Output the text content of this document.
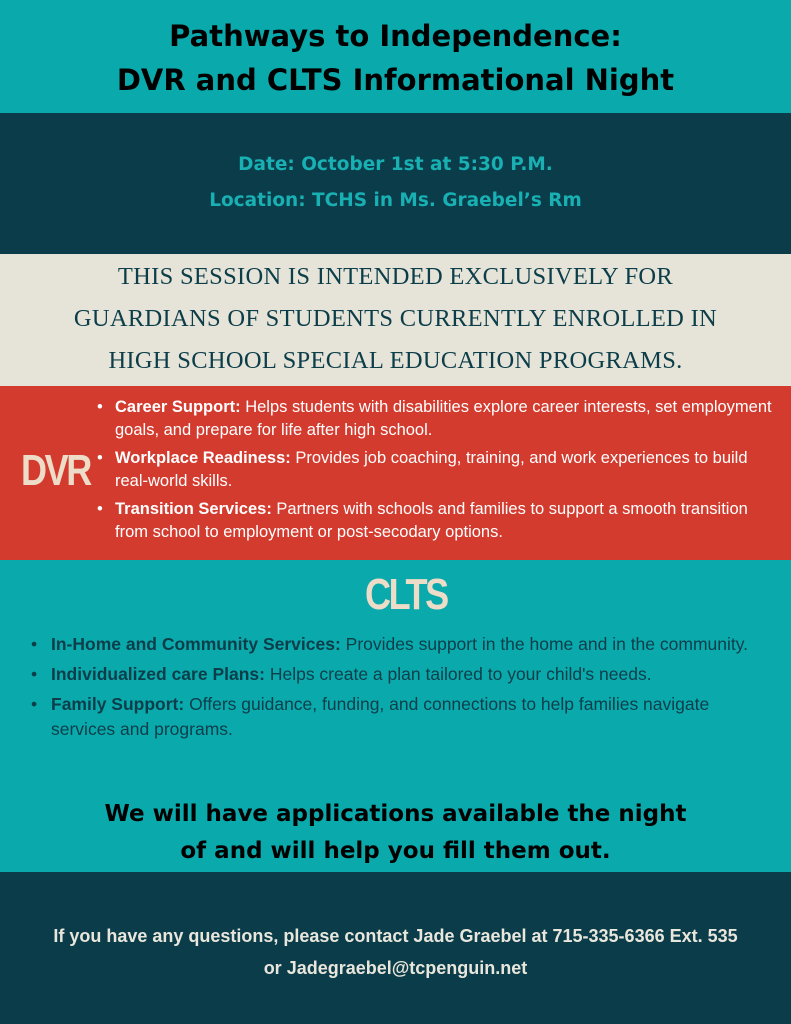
Pathways to Independence:
DVR and CLTS Informational Night
Date: October 1st at 5:30 P.M.
Location: TCHS in Ms. Graebel’s Rm
THIS SESSION IS INTENDED EXCLUSIVELY FOR
GUARDIANS OF STUDENTS CURRENTLY ENROLLED IN
HIGH SCHOOL SPECIAL EDUCATION PROGRAMS.
DVR
• Career Support: Helps students with disabilities explore career interests, set employment goals, and prepare for life after high school.
• Workplace Readiness: Provides job coaching, training, and work experiences to build real-world skills.
• Transition Services: Partners with schools and families to support a smooth transition from school to employment or post-secodary options.
CLTS
• In-Home and Community Services: Provides support in the home and in the community.
• Individualized care Plans: Helps create a plan tailored to your child's needs.
• Family Support: Offers guidance, funding, and connections to help families navigate services and programs.
We will have applications available the night
of and will help you fill them out.
If you have any questions, please contact Jade Graebel at 715-335-6366 Ext. 535
or Jadegraebel@tcpenguin.net
